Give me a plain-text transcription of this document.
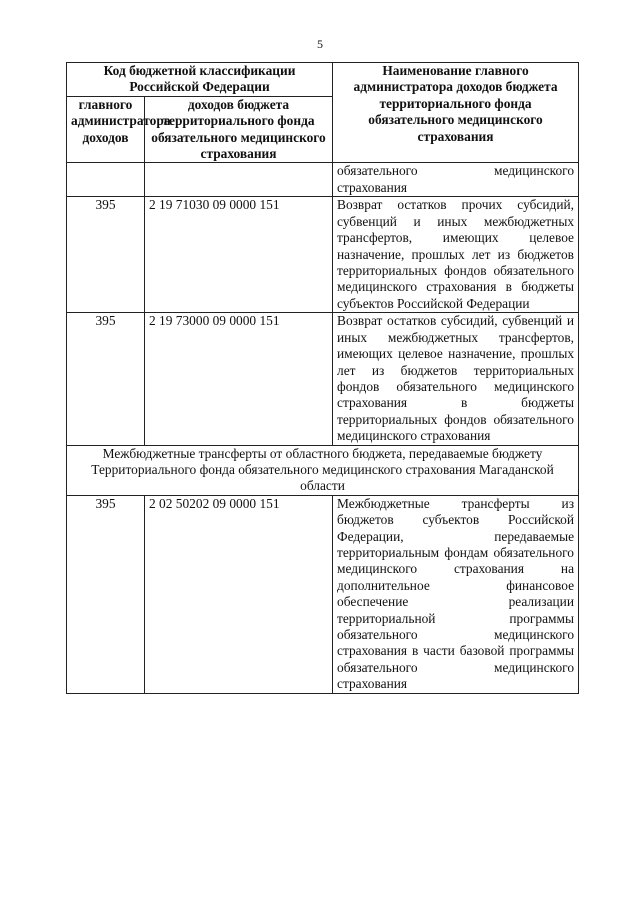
5
Код бюджетной классификации Российской Федерации		Наименование главного администратора доходов бюджета территориального фонда обязательного медицинского страхования
главного администратора доходов	доходов бюджета территориального фонда обязательного медицинского страхования	
		обязательного медицинского страхования
395	2 19 71030 09 0000 151	Возврат остатков прочих субсидий, субвенций и иных межбюджетных трансфертов, имеющих целевое назначение, прошлых лет из бюджетов территориальных фондов обязательного медицинского страхования в бюджеты субъектов Российской Федерации
395	2 19 73000 09 0000 151	Возврат остатков субсидий, субвенций и иных межбюджетных трансфертов, имеющих целевое назначение, прошлых лет из бюджетов территориальных фондов обязательного медицинского страхования в бюджеты территориальных фондов обязательного медицинского страхования
Межбюджетные трансферты от областного бюджета, передаваемые бюджету Территориального фонда обязательного медицинского страхования Магаданской области		
395	2 02 50202 09 0000 151	Межбюджетные трансферты из бюджетов субъектов Российской Федерации, передаваемые территориальным фондам обязательного медицинского страхования на дополнительное финансовое обеспечение реализации территориальной программы обязательного медицинского страхования в части базовой программы обязательного медицинского страхования
